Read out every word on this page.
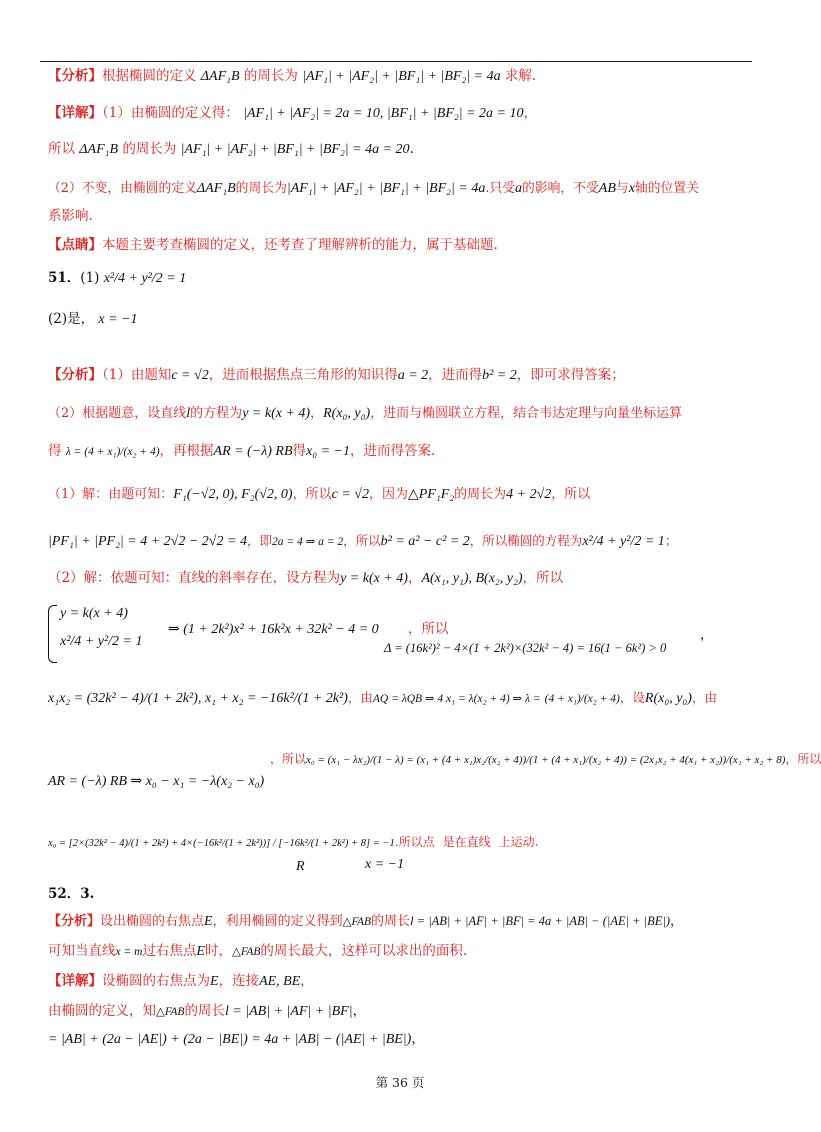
【分析】根据椭圆的定义 ΔAF₁B 的周长为 |AF₁| + |AF₂| + |BF₁| + |BF₂| = 4a 求解.
【详解】（1）由椭圆的定义得： |AF₁| + |AF₂| = 2a = 10, |BF₁| + |BF₂| = 2a = 10，
所以 ΔAF₁B 的周长为 |AF₁| + |AF₂| + |BF₁| + |BF₂| = 4a = 20.
（2）不变，由椭圆的定义ΔAF₁B的周长为|AF₁| + |AF₂| + |BF₁| + |BF₂| = 4a.只受a的影响，不受AB与x轴的位置关
系影响.
【点睛】本题主要考查椭圆的定义，还考查了理解辨析的能力，属于基础题.
51．(1) x²/4 + y²/2 = 1
(2)是， x = −1
【分析】（1）由题知c = √2，进而根据焦点三角形的知识得a = 2，进而得b² = 2，即可求得答案；
（2）根据题意，设直线l的方程为y = k(x + 4)，R(x₀, y₀)，进而与椭圆联立方程，结合韦达定理与向量坐标运算
得 λ = (4 + x₁)/(x₂ + 4)，再根据AR = (−λ) RB得x₀ = −1，进而得答案.
（1）解：由题可知：F₁(−√2, 0), F₂(√2, 0)，所以c = √2，因为△PF₁F₂的周长为4 + 2√2，所以
|PF₁| + |PF₂| = 4 + 2√2 − 2√2 = 4，即2a = 4 ⇒ a = 2，所以b² = a² − c² = 2，所以椭圆的方程为x²/4 + y²/2 = 1；
（2）解：依题可知：直线的斜率存在，设方程为y = k(x + 4)，A(x₁, y₁), B(x₂, y₂)，所以
y = k(x + 4)
x²/4 + y²/2 = 1
⇒ (1 + 2k²)x² + 16k²x + 32k² − 4 = 0 ，所以
Δ = (16k²)² − 4×(1 + 2k²)×(32k² − 4) = 16(1 − 6k²) > 0
，
x₁x₂ = (32k² − 4)/(1 + 2k²), x₁ + x₂ = −16k²/(1 + 2k²)，由AQ = λQB ⇒ 4 x₁ = λ(x₂ + 4) ⇒ λ = (4 + x₁)/(x₂ + 4)，设R(x₀, y₀)，由
，所以x₀ = (x₁ − λx₂)/(1 − λ) = (x₁ + (4 + x₁)x₂/(x₂ + 4))/(1 + (4 + x₁)/(x₂ + 4)) = (2x₁x₂ + 4(x₁ + x₂))/(x₁ + x₂ + 8)，所以
AR = (−λ) RB ⇒ x₀ − x₁ = −λ(x₂ − x₀)
x₀ = [2×(32k² − 4)/(1 + 2k²) + 4×(−16k²/(1 + 2k²))] / [−16k²/(1 + 2k²) + 8] = −1.所以点 是在直线 上运动.
R	x = −1
52．3.
【分析】设出椭圆的右焦点E，利用椭圆的定义得到△FAB的周长l = |AB| + |AF| + |BF| = 4a + |AB| − (|AE| + |BE|)，
可知当直线x = m过右焦点E时，△FAB的周长最大，这样可以求出的面积.
【详解】设椭圆的右焦点为E，连接AE, BE，
由椭圆的定义，知△FAB的周长l = |AB| + |AF| + |BF|，
= |AB| + (2a − |AE|) + (2a − |BE|) = 4a + |AB| − (|AE| + |BE|)，
第 36 页
